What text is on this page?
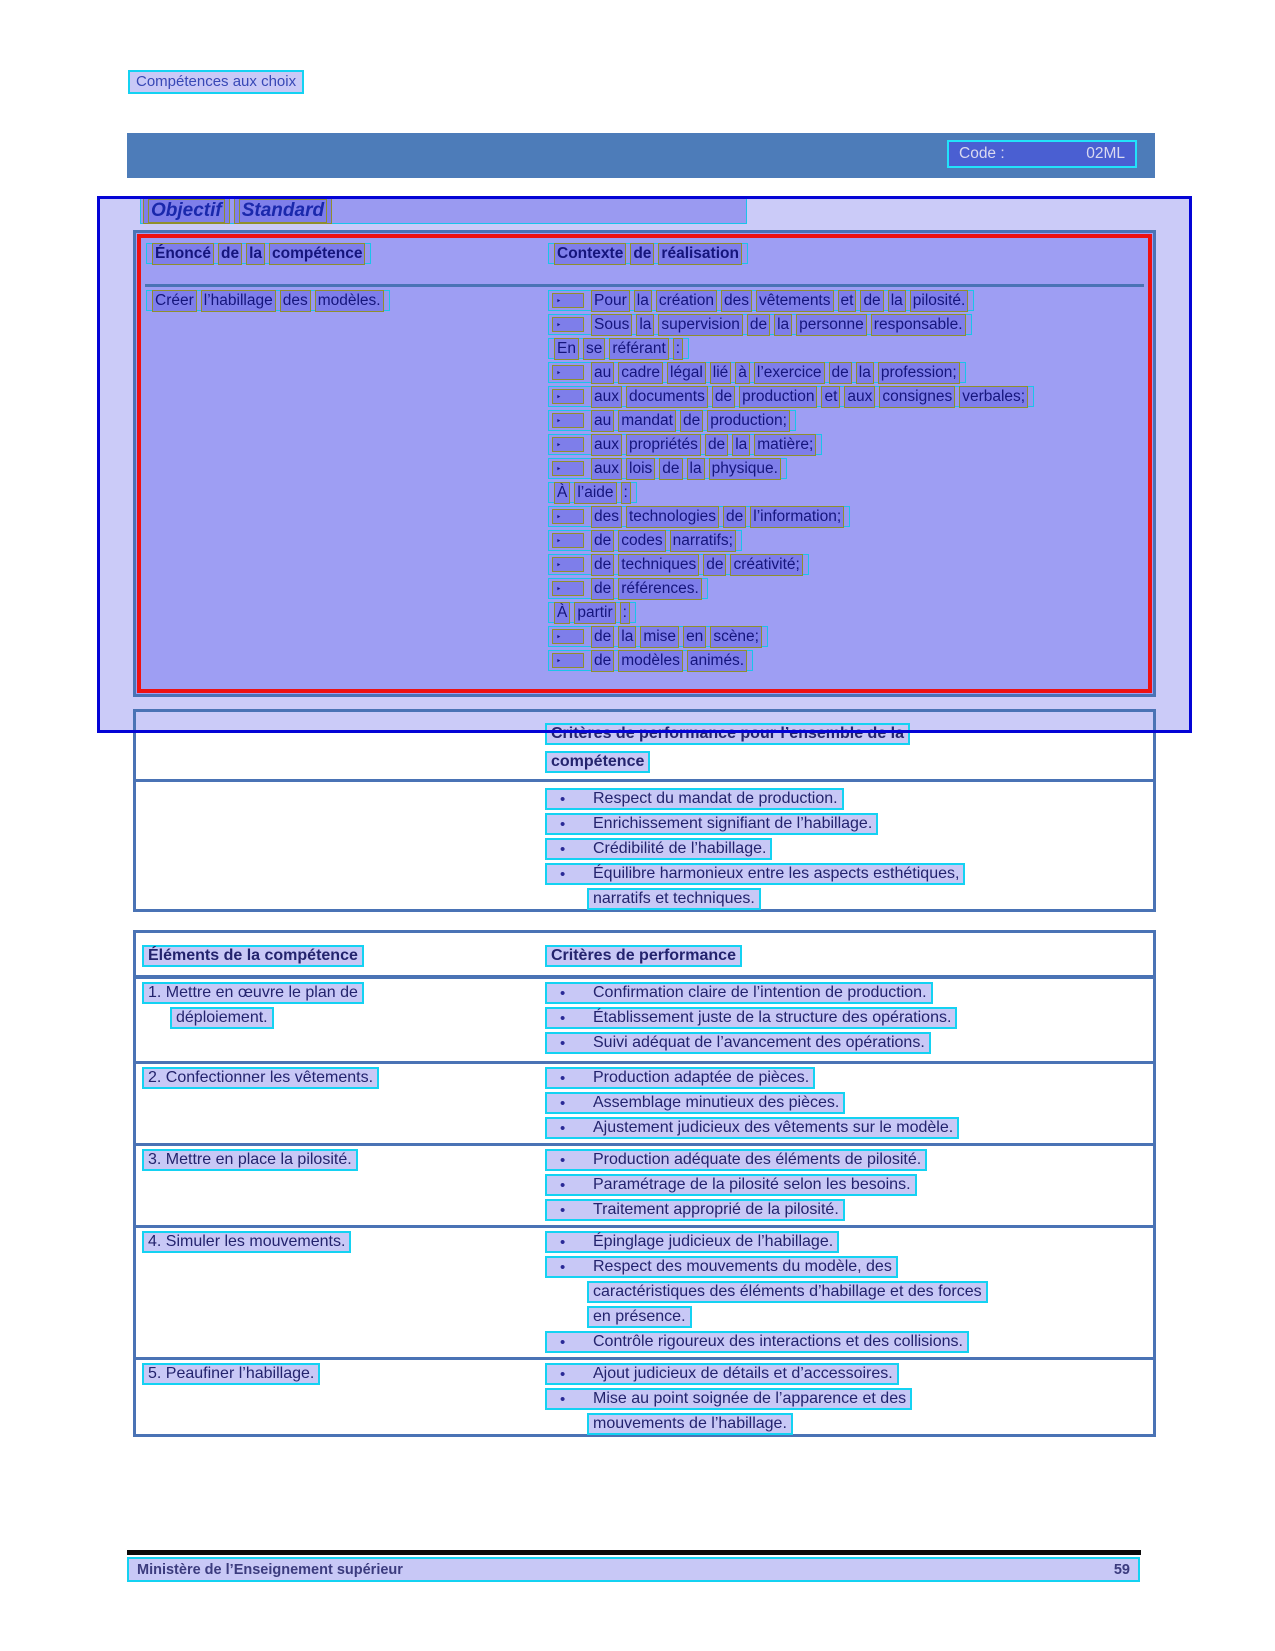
Compétences aux choix
Code :	02ML
Objectif	Standard
Énoncé de la compétence	Contexte de réalisation
Créer l’habillage des modèles.	‣	Pour la création des vêtements et de la pilosité.
‣	Sous la supervision de la personne responsable.
En se référant :
‣	au cadre légal lié à l’exercice de la profession;
‣	aux documents de production et aux consignes verbales;
‣	au mandat de production;
‣	aux propriétés de la matière;
‣	aux lois de la physique.
À l’aide :
‣	des technologies de l’information;
‣	de codes narratifs;
‣	de techniques de créativité;
‣	de références.
À partir :
‣	de la mise en scène;
‣	de modèles animés.
Critères de performance pour l’ensemble de la
compétence
•	Respect du mandat de production.
•	Enrichissement signifiant de l’habillage.
•	Crédibilité de l’habillage.
•	Équilibre harmonieux entre les aspects esthétiques,
narratifs et techniques.
Éléments de la compétence	Critères de performance
1. Mettre en œuvre le plan de
déploiement.
•	Confirmation claire de l’intention de production.
•	Établissement juste de la structure des opérations.
•	Suivi adéquat de l’avancement des opérations.
2. Confectionner les vêtements.	•	Production adaptée de pièces.
•	Assemblage minutieux des pièces.
•	Ajustement judicieux des vêtements sur le modèle.
3. Mettre en place la pilosité.	•	Production adéquate des éléments de pilosité.
•	Paramétrage de la pilosité selon les besoins.
•	Traitement approprié de la pilosité.
4. Simuler les mouvements.	•	Épinglage judicieux de l’habillage.
•	Respect des mouvements du modèle, des
caractéristiques des éléments d’habillage et des forces
en présence.
•	Contrôle rigoureux des interactions et des collisions.
5. Peaufiner l’habillage.	•	Ajout judicieux de détails et d’accessoires.
•	Mise au point soignée de l’apparence et des
mouvements de l’habillage.
Ministère de l’Enseignement supérieur	59
